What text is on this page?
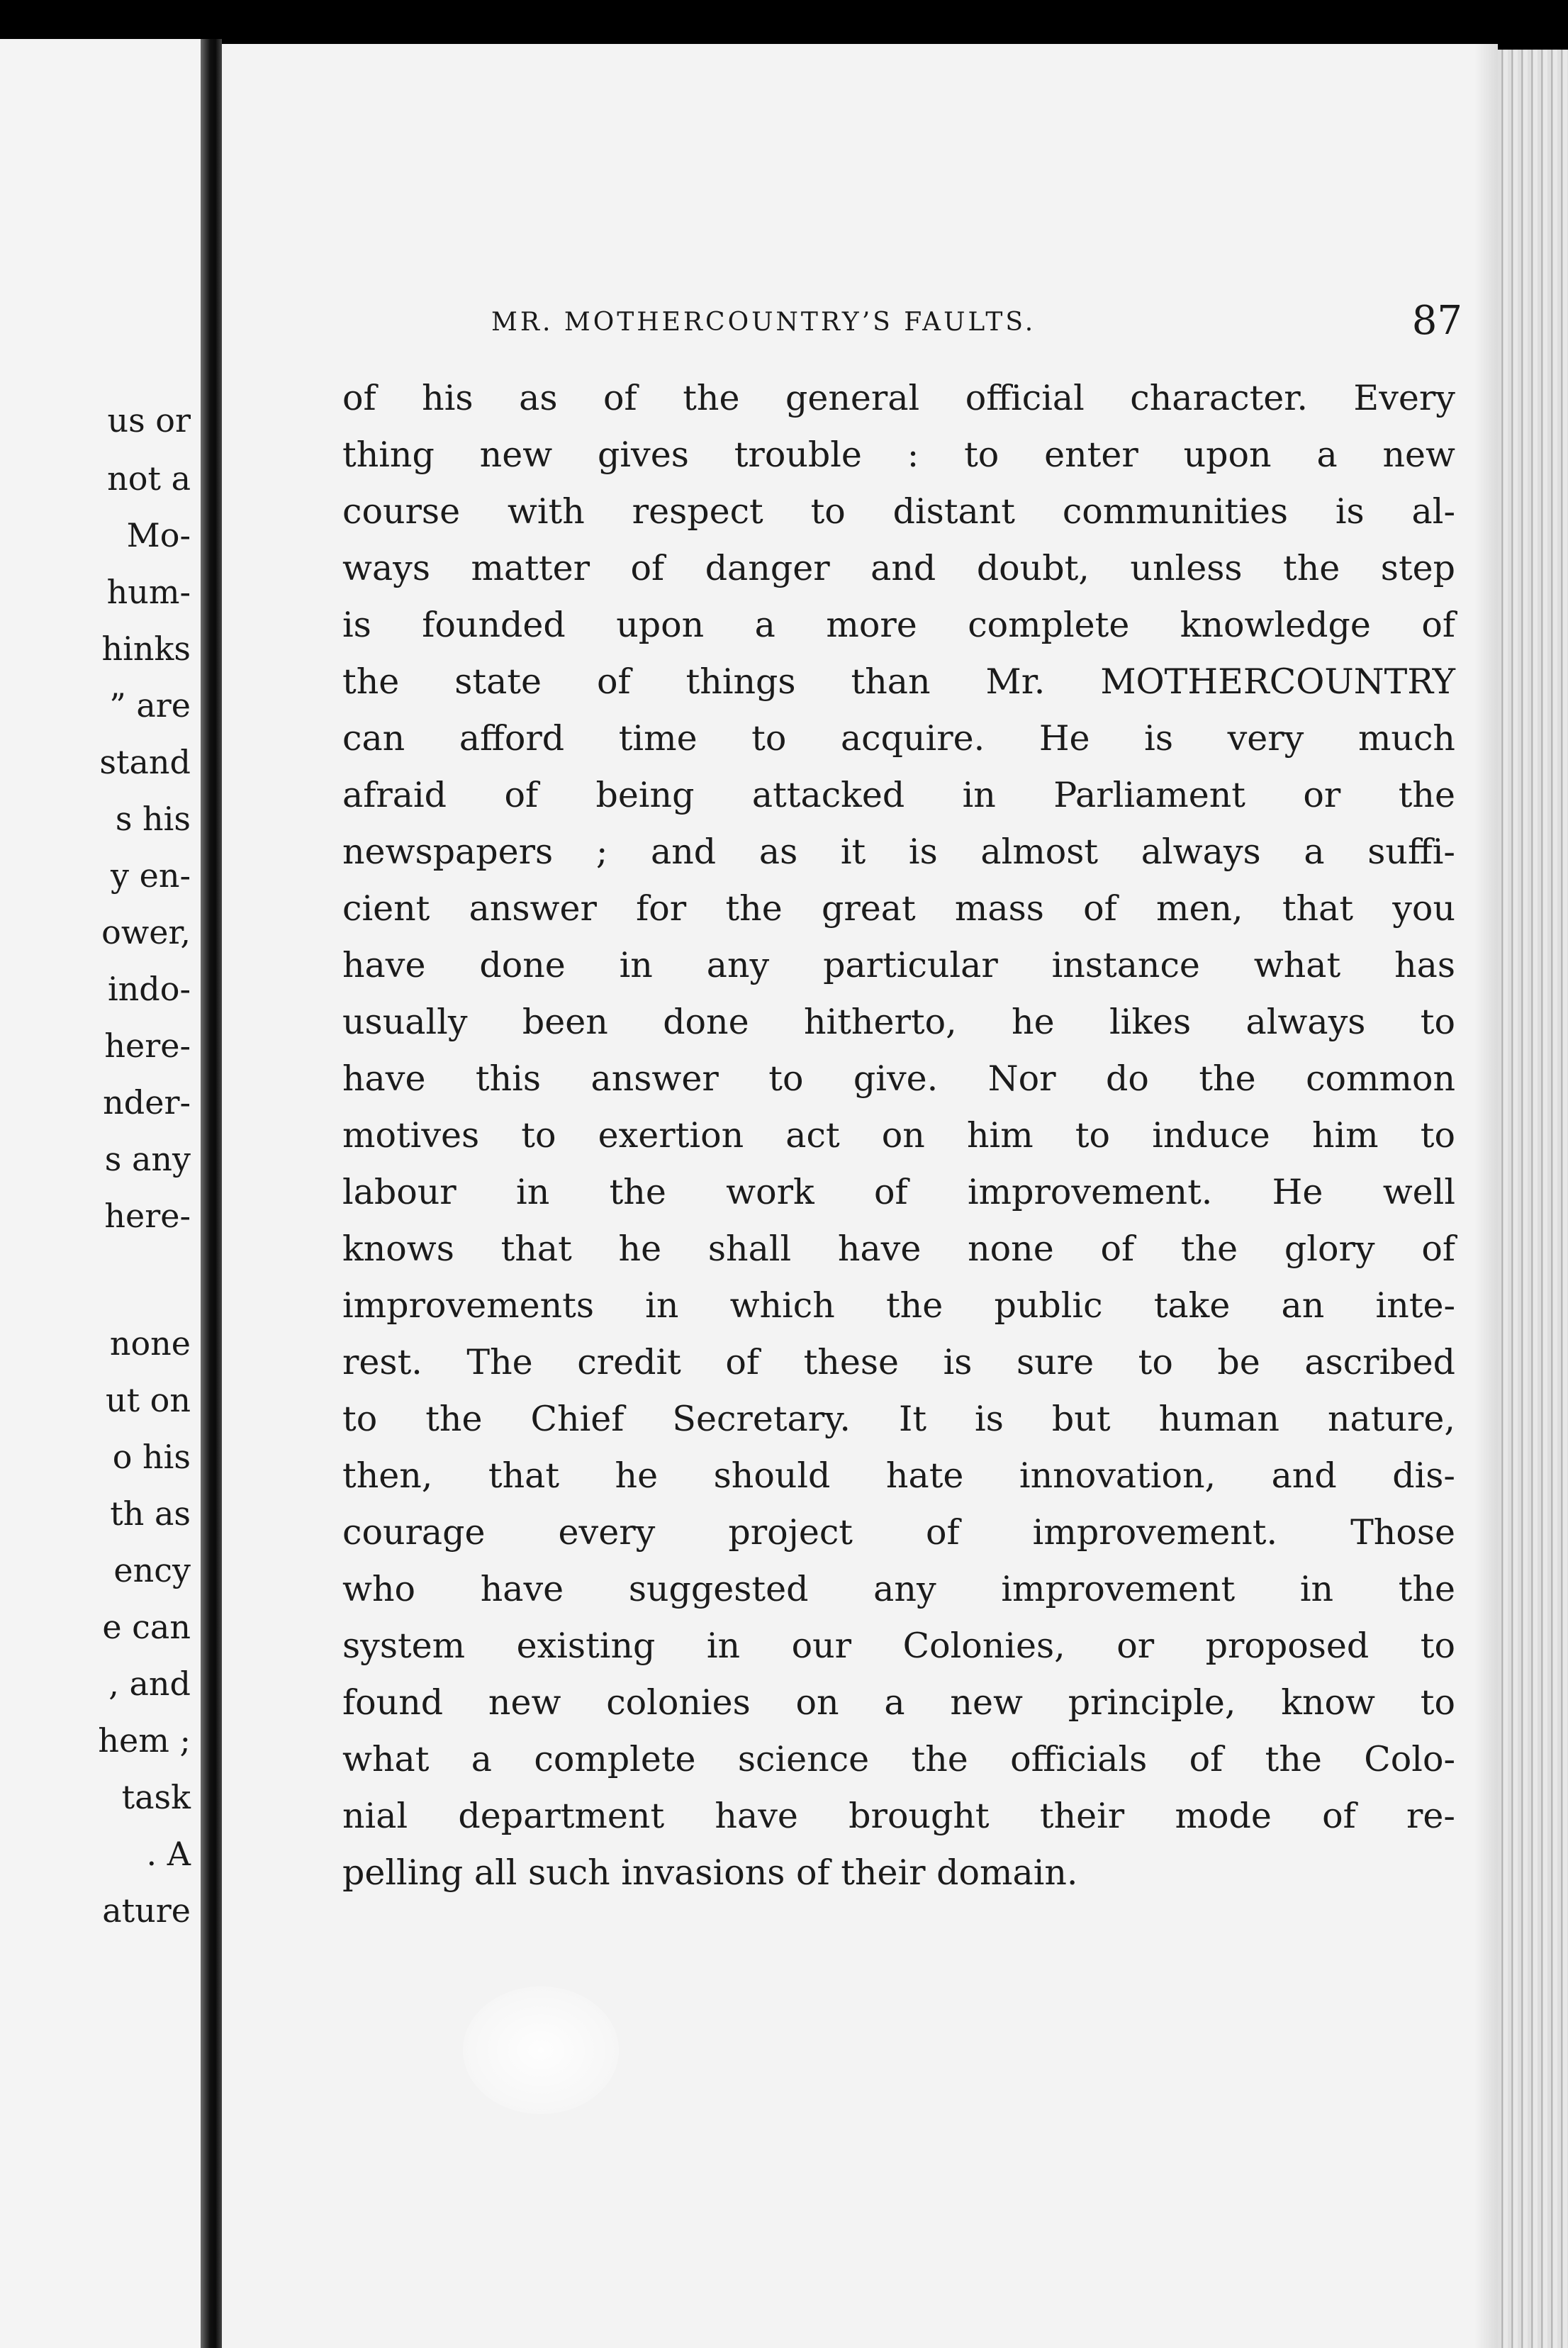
us or
not a
Mo-
hum-
hinks
” are
stand
s his
y en-
ower,
indo-
here-
nder-
s any
here-
none
ut on
o his
th as
ency
e can
, and
hem ;
task
. A
ature
MR. MOTHERCOUNTRY’S FAULTS.	87
of his as of the general official character. Every
thing new gives trouble : to enter upon a new
course with respect to distant communities is al-
ways matter of danger and doubt, unless the step
is founded upon a more complete knowledge of
the state of things than Mr. MOTHERCOUNTRY
can afford time to acquire. He is very much
afraid of being attacked in Parliament or the
newspapers ; and as it is almost always a suffi-
cient answer for the great mass of men, that you
have done in any particular instance what has
usually been done hitherto, he likes always to
have this answer to give. Nor do the common
motives to exertion act on him to induce him to
labour in the work of improvement. He well
knows that he shall have none of the glory of
improvements in which the public take an inte-
rest. The credit of these is sure to be ascribed
to the Chief Secretary. It is but human nature,
then, that he should hate innovation, and dis-
courage every project of improvement. Those
who have suggested any improvement in the
system existing in our Colonies, or proposed to
found new colonies on a new principle, know to
what a complete science the officials of the Colo-
nial department have brought their mode of re-
pelling all such invasions of their domain.
